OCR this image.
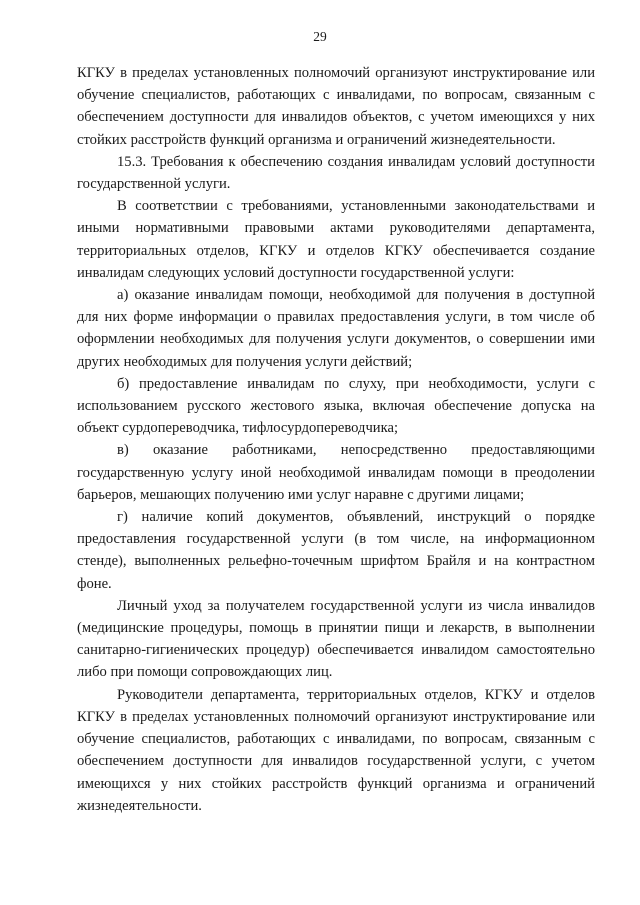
29

КГКУ в пределах установленных полномочий организуют инструктирование или обучение специалистов, работающих с инвалидами, по вопросам, связанным с обеспечением доступности для инвалидов объектов, с учетом имеющихся у них стойких расстройств функций организма и ограничений жизнедеятельности.

15.3. Требования к обеспечению создания инвалидам условий доступности государственной услуги.

В соответствии с требованиями, установленными законодательствами и иными нормативными правовыми актами руководителями департамента, территориальных отделов, КГКУ и отделов КГКУ обеспечивается создание инвалидам следующих условий доступности государственной услуги:

а) оказание инвалидам помощи, необходимой для получения в доступной для них форме информации о правилах предоставления услуги, в том числе об оформлении необходимых для получения услуги документов, о совершении ими других необходимых для получения услуги действий;

б) предоставление инвалидам по слуху, при необходимости, услуги с использованием русского жестового языка, включая обеспечение допуска на объект сурдопереводчика, тифлосурдопереводчика;

в) оказание работниками, непосредственно предоставляющими государственную услугу иной необходимой инвалидам помощи в преодолении барьеров, мешающих получению ими услуг наравне с другими лицами;

г) наличие копий документов, объявлений, инструкций о порядке предоставления государственной услуги (в том числе, на информационном стенде), выполненных рельефно-точечным шрифтом Брайля и на контрастном фоне.

Личный уход за получателем государственной услуги из числа инвалидов (медицинские процедуры, помощь в принятии пищи и лекарств, в выполнении санитарно-гигиенических процедур) обеспечивается инвалидом самостоятельно либо при помощи сопровождающих лиц.

Руководители департамента, территориальных отделов, КГКУ и отделов КГКУ в пределах установленных полномочий организуют инструктирование или обучение специалистов, работающих с инвалидами, по вопросам, связанным с обеспечением доступности для инвалидов государственной услуги, с учетом имеющихся у них стойких расстройств функций организма и ограничений жизнедеятельности.
